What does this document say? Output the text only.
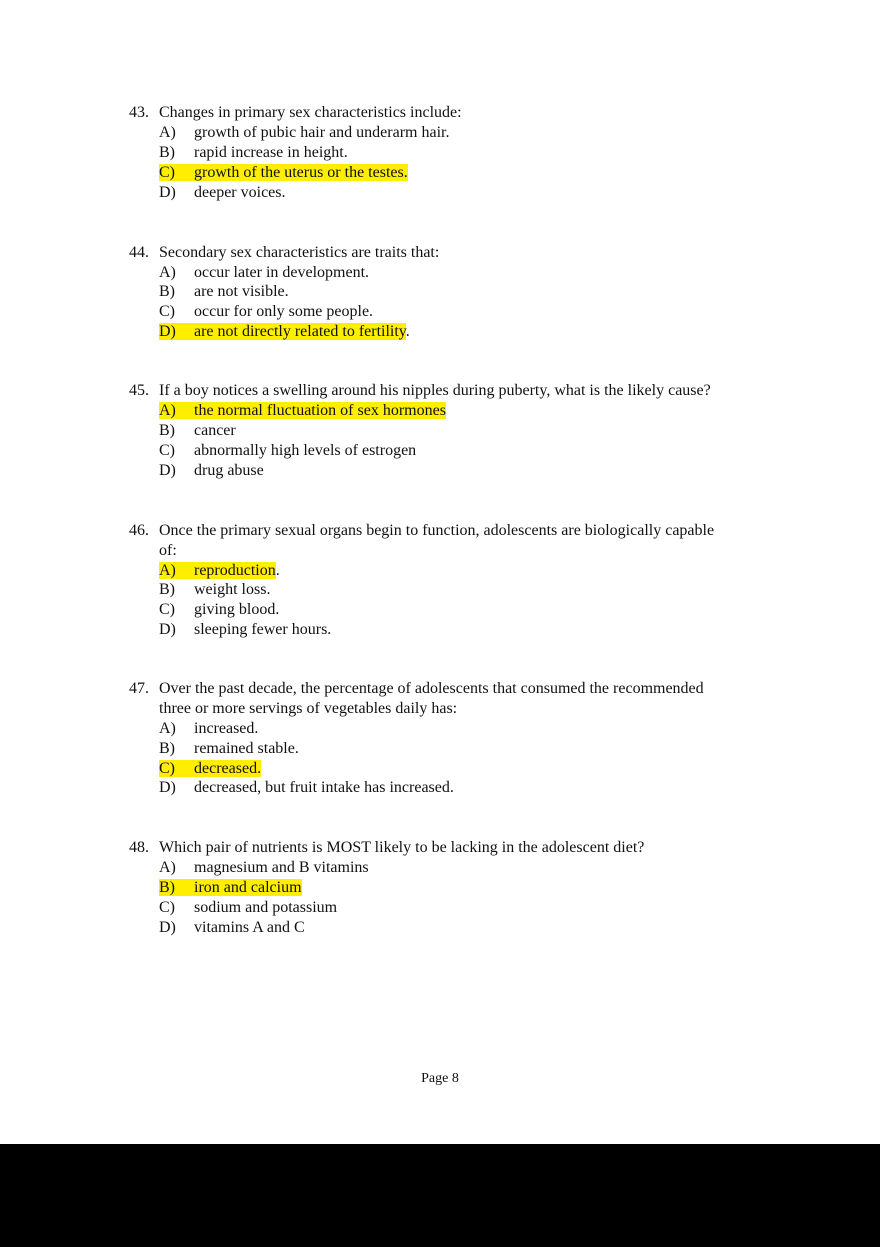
43. Changes in primary sex characteristics include:
A) growth of pubic hair and underarm hair.
B) rapid increase in height.
C) growth of the uterus or the testes.
D) deeper voices.
44. Secondary sex characteristics are traits that:
A) occur later in development.
B) are not visible.
C) occur for only some people.
D) are not directly related to fertility.
45. If a boy notices a swelling around his nipples during puberty, what is the likely cause?
A) the normal fluctuation of sex hormones
B) cancer
C) abnormally high levels of estrogen
D) drug abuse
46. Once the primary sexual organs begin to function, adolescents are biologically capable
of:
A) reproduction.
B) weight loss.
C) giving blood.
D) sleeping fewer hours.
47. Over the past decade, the percentage of adolescents that consumed the recommended
three or more servings of vegetables daily has:
A) increased.
B) remained stable.
C) decreased.
D) decreased, but fruit intake has increased.
48. Which pair of nutrients is MOST likely to be lacking in the adolescent diet?
A) magnesium and B vitamins
B) iron and calcium
C) sodium and potassium
D) vitamins A and C
Page 8
